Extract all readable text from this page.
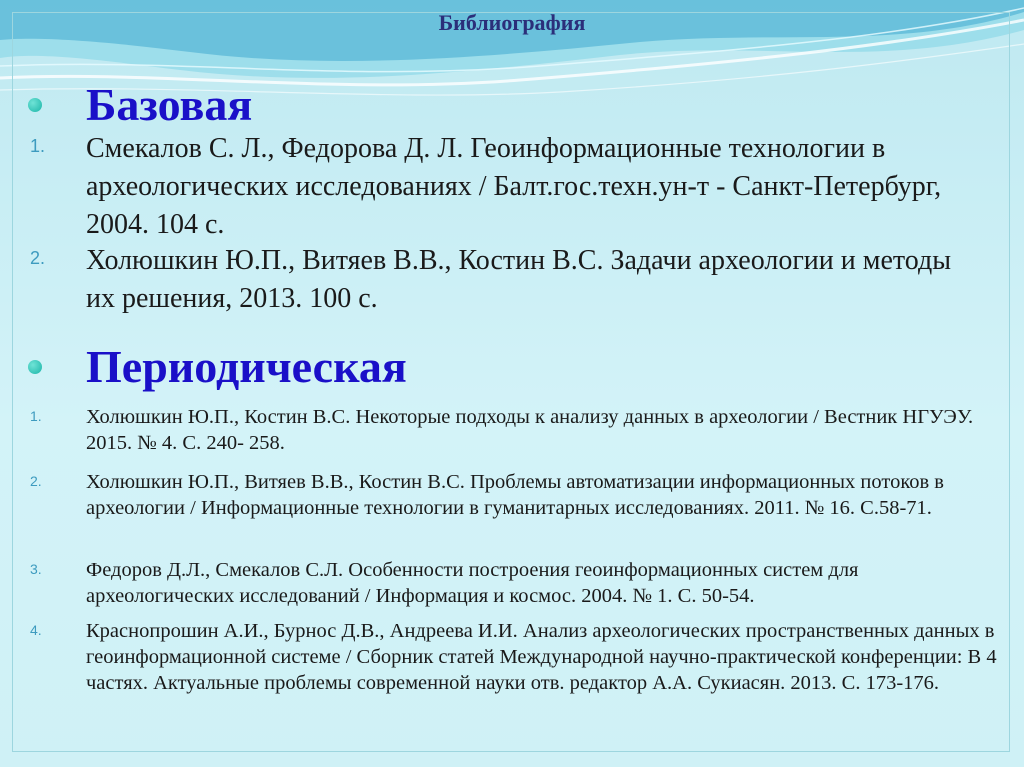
Библиография
Базовая
1.	Смекалов С. Л., Федорова Д. Л. Геоинформационные технологии в археологических исследованиях / Балт.гос.техн.ун-т - Санкт-Петербург, 2004. 104 с.
2.	Холюшкин Ю.П., Витяев В.В., Костин В.С. Задачи археологии и методы их решения, 2013. 100 с.
Периодическая
1.	Холюшкин Ю.П., Костин В.С. Некоторые подходы к анализу данных в археологии / Вестник НГУЭУ. 2015. № 4. С. 240- 258.
2.	Холюшкин Ю.П., Витяев В.В., Костин В.С. Проблемы автоматизации информационных потоков в археологии / Информационные технологии в гуманитарных исследованиях. 2011. № 16. С.58-71.
3.	Федоров Д.Л., Смекалов С.Л. Особенности построения геоинформационных систем для археологических исследований / Информация и космос. 2004. № 1. С. 50-54.
4.	Краснопрошин А.И., Бурнос Д.В., Андреева И.И. Анализ археологических пространственных данных в геоинформационной системе / Сборник статей Международной научно-практической конференции: В 4 частях. Актуальные проблемы современной науки отв. редактор А.А. Сукиасян. 2013. С. 173-176.
